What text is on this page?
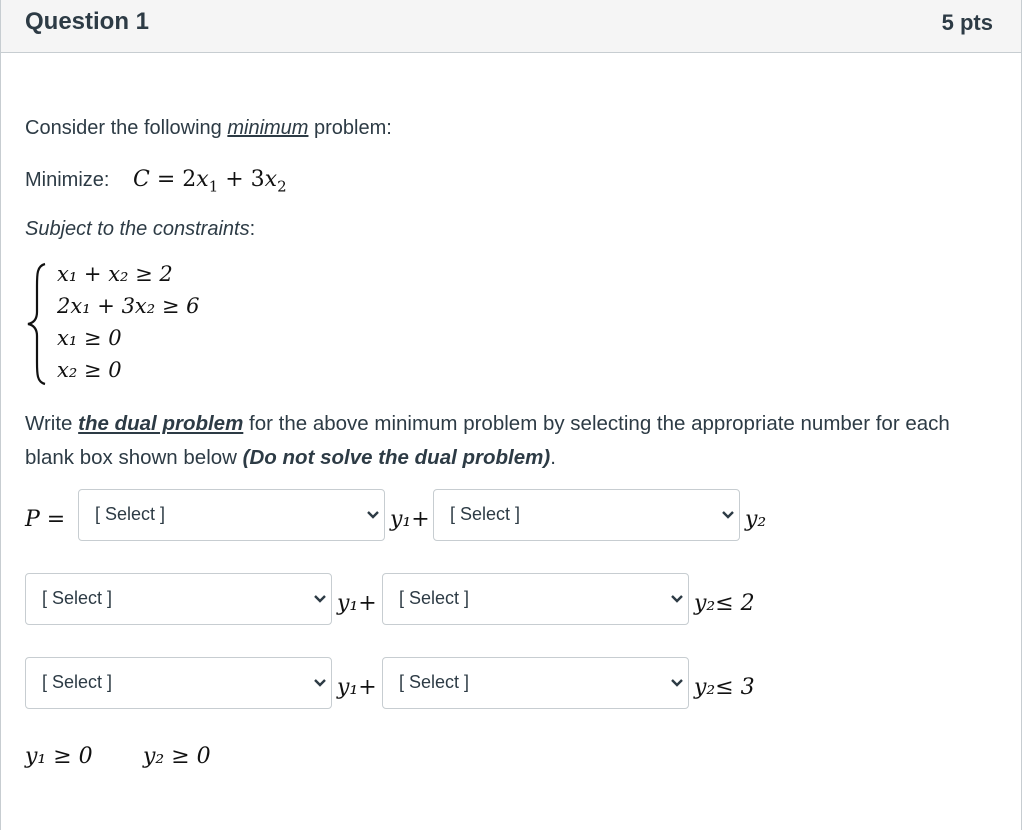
Question 1	5 pts
Consider the following minimum problem:
Minimize: $C = 2x_1 + 3x_2$
Subject to the constraints:
x₁ + x₂ ≥ 2
2x₁ + 3x₂ ≥ 6
x₁ ≥ 0
x₂ ≥ 0
Write the dual problem for the above minimum problem by selecting the appropriate number for each blank box shown below (Do not solve the dual problem).
P = [ Select ]	y₁+ [ Select ]	y₂
[ Select ]	y₁+ [ Select ]	y₂≤ 2
[ Select ]	y₁+ [ Select ]	y₂≤ 3
y₁ ≥ 0 y₂ ≥ 0
